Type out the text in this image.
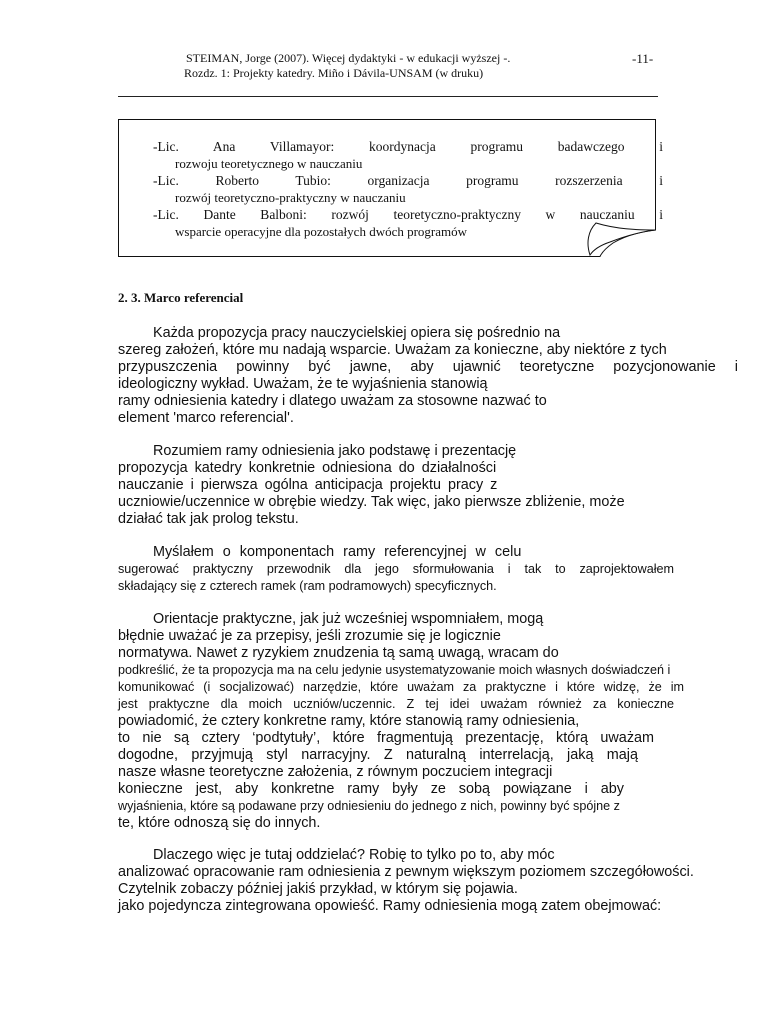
STEIMAN, Jorge (2007). Więcej dydaktyki - w edukacji wyższej -.
Rozdz. 1: Projekty katedry. Miño i Dávila-UNSAM (w druku)
-11-
-Lic. Ana Villamayor: koordynacja programu badawczego i
rozwoju teoretycznego w nauczaniu
-Lic. Roberto Tubio: organizacja programu rozszerzenia i
rozwój teoretyczno-praktyczny w nauczaniu
-Lic. Dante Balboni: rozwój teoretyczno-praktyczny w nauczaniu i
wsparcie operacyjne dla pozostałych dwóch programów
2. 3. Marco referencial
Każda propozycja pracy nauczycielskiej opiera się pośrednio na
szereg założeń, które mu nadają wsparcie. Uważam za konieczne, aby niektóre z tych
przypuszczenia powinny być jawne, aby ujawnić teoretyczne pozycjonowanie i
ideologiczny wykład. Uważam, że te wyjaśnienia stanowią
ramy odniesienia katedry i dlatego uważam za stosowne nazwać to
element 'marco referencial'.
Rozumiem ramy odniesienia jako podstawę i prezentację
propozycja katedry konkretnie odniesiona do działalności
nauczanie i pierwsza ogólna anticipacja projektu pracy z
uczniowie/uczennice w obrębie wiedzy. Tak więc, jako pierwsze zbliżenie, może
działać tak jak prolog tekstu.
Myślałem o komponentach ramy referencyjnej w celu
sugerować praktyczny przewodnik dla jego sformułowania i tak to zaprojektowałem
składający się z czterech ramek (ram podramowych) specyficznych.
Orientacje praktyczne, jak już wcześniej wspomniałem, mogą
błędnie uważać je za przepisy, jeśli zrozumie się je logicznie
normatywa. Nawet z ryzykiem znudzenia tą samą uwagą, wracam do
podkreślić, że ta propozycja ma na celu jedynie usystematyzowanie moich własnych doświadczeń i
komunikować (i socjalizować) narzędzie, które uważam za praktyczne i które widzę, że im
jest praktyczne dla moich uczniów/uczennic. Z tej idei uważam również za konieczne
powiadomić, że cztery konkretne ramy, które stanowią ramy odniesienia,
to nie są cztery ‘podtytuły’, które fragmentują prezentację, którą uważam
dogodne, przyjmują styl narracyjny. Z naturalną interrelacją, jaką mają
nasze własne teoretyczne założenia, z równym poczuciem integracji
konieczne jest, aby konkretne ramy były ze sobą powiązane i aby
wyjaśnienia, które są podawane przy odniesieniu do jednego z nich, powinny być spójne z
te, które odnoszą się do innych.
Dlaczego więc je tutaj oddzielać? Robię to tylko po to, aby móc
analizować opracowanie ram odniesienia z pewnym większym poziomem szczegółowości.
Czytelnik zobaczy później jakiś przykład, w którym się pojawia.
jako pojedyncza zintegrowana opowieść. Ramy odniesienia mogą zatem obejmować:
